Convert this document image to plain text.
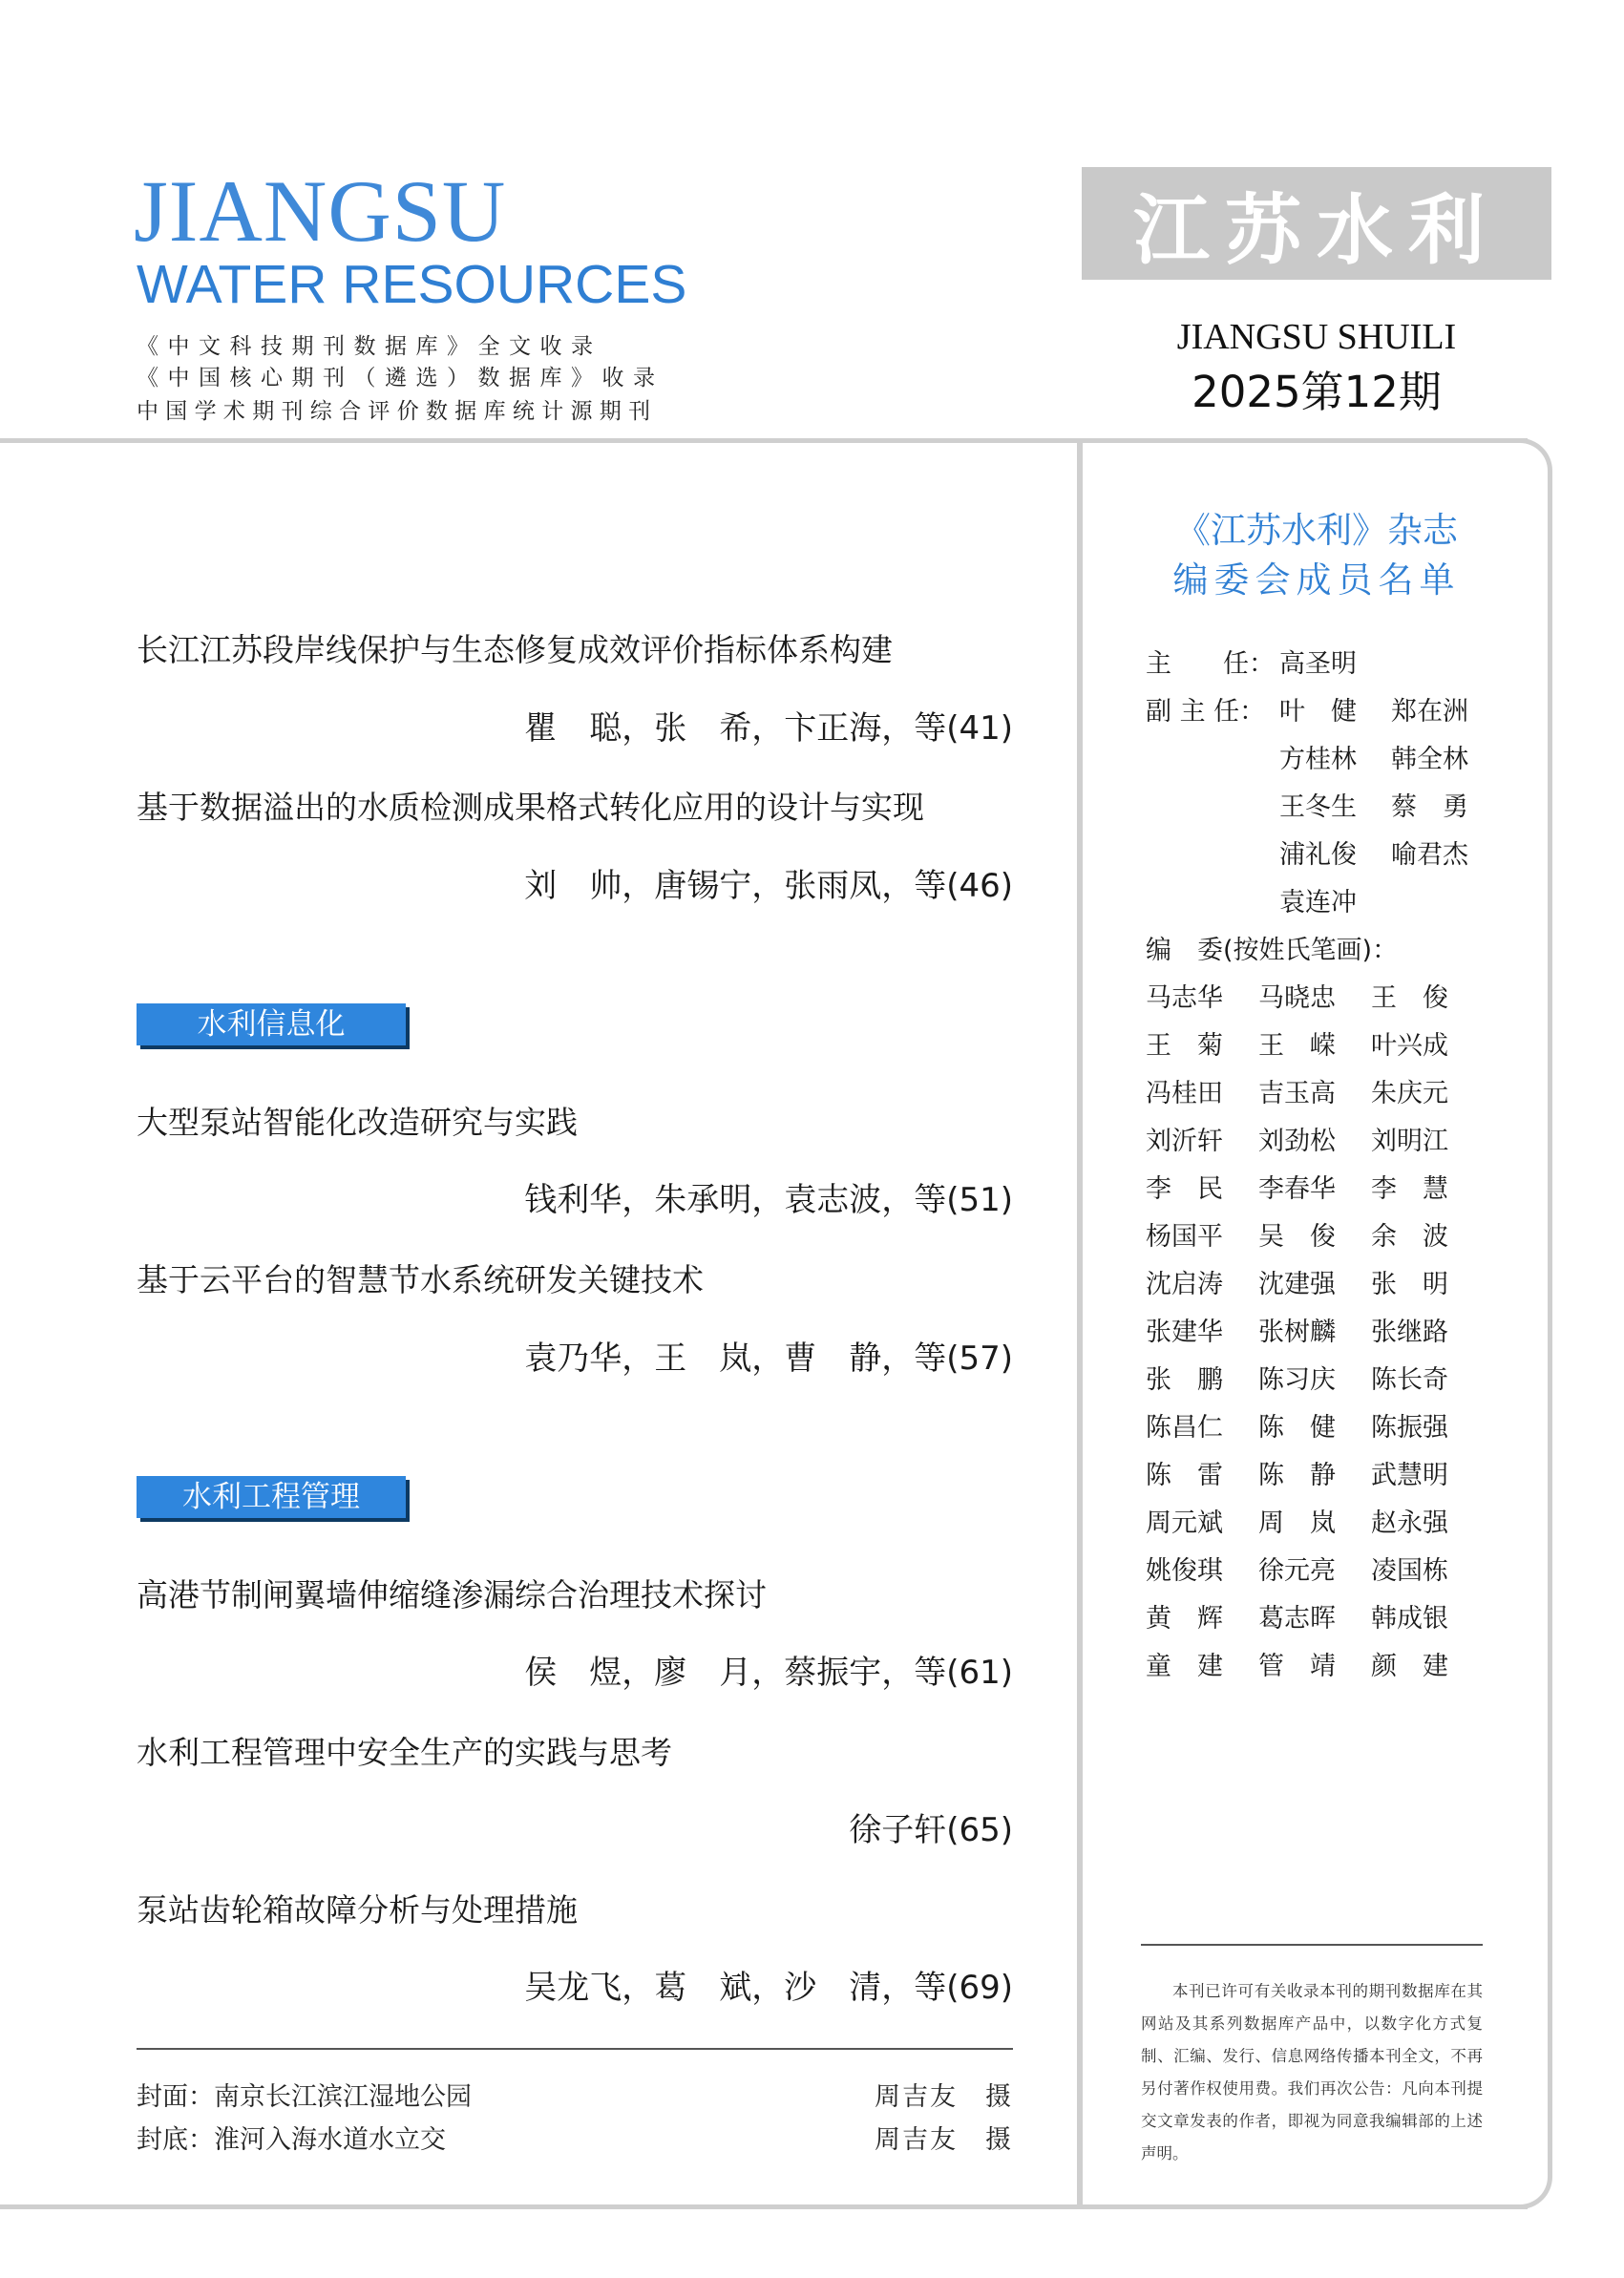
JIANGSU
WATER RESOURCES
《中文科技期刊数据库》全文收录
《中国核心期刊（遴选）数据库》收录
中国学术期刊综合评价数据库统计源期刊
江苏水利
JIANGSU SHUILI
2025第12期
长江江苏段岸线保护与生态修复成效评价指标体系构建
瞿　聪，张　希，卞正海，等(41)
基于数据溢出的水质检测成果格式转化应用的设计与实现
刘　帅，唐锡宁，张雨凤，等(46)
水利信息化
大型泵站智能化改造研究与实践
钱利华，朱承明，袁志波，等(51)
基于云平台的智慧节水系统研发关键技术
袁乃华，王　岚，曹　静，等(57)
水利工程管理
高港节制闸翼墙伸缩缝渗漏综合治理技术探讨
侯　煜，廖　月，蔡振宇，等(61)
水利工程管理中安全生产的实践与思考
徐子轩(65)
泵站齿轮箱故障分析与处理措施
吴龙飞，葛　斌，沙　清，等(69)
封面：南京长江滨江湿地公园	周吉友　摄
封底：淮河入海水道水立交	周吉友　摄
《江苏水利》杂志
编委会成员名单
主　　任： 高圣明
副 主 任： 叶　健 郑在洲
方桂林 韩全林
王冬生 蔡　勇
浦礼俊 喻君杰
袁连冲
编　委(按姓氏笔画)：
马志华 马晓忠 王　俊
王　菊 王　嵘 叶兴成
冯桂田 吉玉高 朱庆元
刘沂轩 刘劲松 刘明江
李　民 李春华 李　慧
杨国平 吴　俊 余　波
沈启涛 沈建强 张　明
张建华 张树麟 张继路
张　鹏 陈习庆 陈长奇
陈昌仁 陈　健 陈振强
陈　雷 陈　静 武慧明
周元斌 周　岚 赵永强
姚俊琪 徐元亮 凌国栋
黄　辉 葛志晖 韩成银
童　建 管　靖 颜　建
本刊已许可有关收录本刊的期刊数据库在其网站及其系列数据库产品中，以数字化方式复制、汇编、发行、信息网络传播本刊全文，不再另付著作权使用费。我们再次公告：凡向本刊提交文章发表的作者，即视为同意我编辑部的上述声明。
